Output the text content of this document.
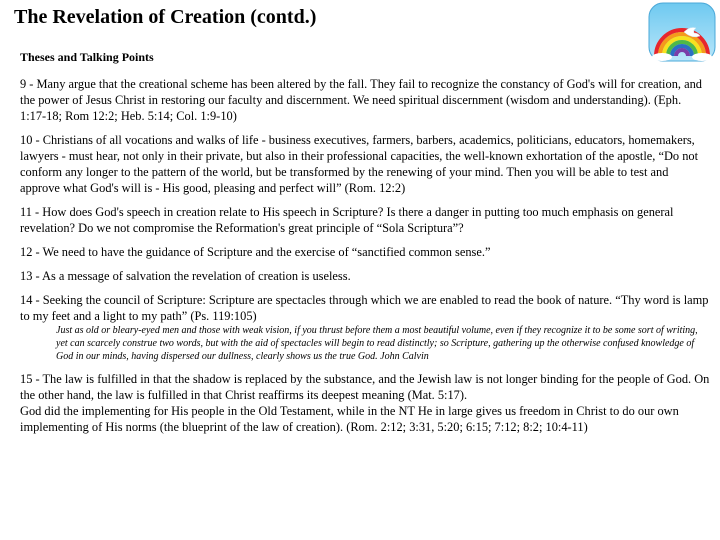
The Revelation of Creation (contd.)
Theses and Talking Points

9 - Many argue that the creational scheme has been altered by the fall. They fail to recognize the constancy of God's will for creation, and the power of Jesus Christ in restoring our faculty and discernment. We need spiritual discernment (wisdom and understanding). (Eph. 1:17-18; Rom 12:2; Heb. 5:14; Col. 1:9-10)

10 - Christians of all vocations and walks of life - business executives, farmers, barbers, academics, politicians, educators, homemakers, lawyers - must hear, not only in their private, but also in their professional capacities, the well-known exhortation of the apostle, “Do not conform any longer to the pattern of the world, but be transformed by the renewing of your mind. Then you will be able to test and approve what God's will is - His good, pleasing and perfect will” (Rom. 12:2)

11 - How does God's speech in creation relate to His speech in Scripture? Is there a danger in putting too much emphasis on general revelation? Do we not compromise the Reformation's great principle of “Sola Scriptura”?

12 - We need to have the guidance of Scripture and the exercise of “sanctified common sense.”

13 - As a message of salvation the revelation of creation is useless.

14 - Seeking the council of Scripture: Scripture are spectacles through which we are enabled to read the book of nature. “Thy word is lamp to my feet and a light to my path” (Ps. 119:105)

Just as old or bleary-eyed men and those with weak vision, if you thrust before them a most beautiful volume, even if they recognize it to be some sort of writing, yet can scarcely construe two words, but with the aid of spectacles will begin to read distinctly; so Scripture, gathering up the otherwise confused knowledge of God in our minds, having dispersed our dullness, clearly shows us the true God. John Calvin

15 - The law is fulfilled in that the shadow is replaced by the substance, and the Jewish law is not longer binding for the people of God. On the other hand, the law is fulfilled in that Christ reaffirms its deepest meaning (Mat. 5:17).

God did the implementing for His people in the Old Testament, while in the NT He in large gives us freedom in Christ to do our own implementing of His norms (the blueprint of the law of creation). (Rom. 2:12; 3:31, 5:20; 6:15; 7:12; 8:2; 10:4-11)
